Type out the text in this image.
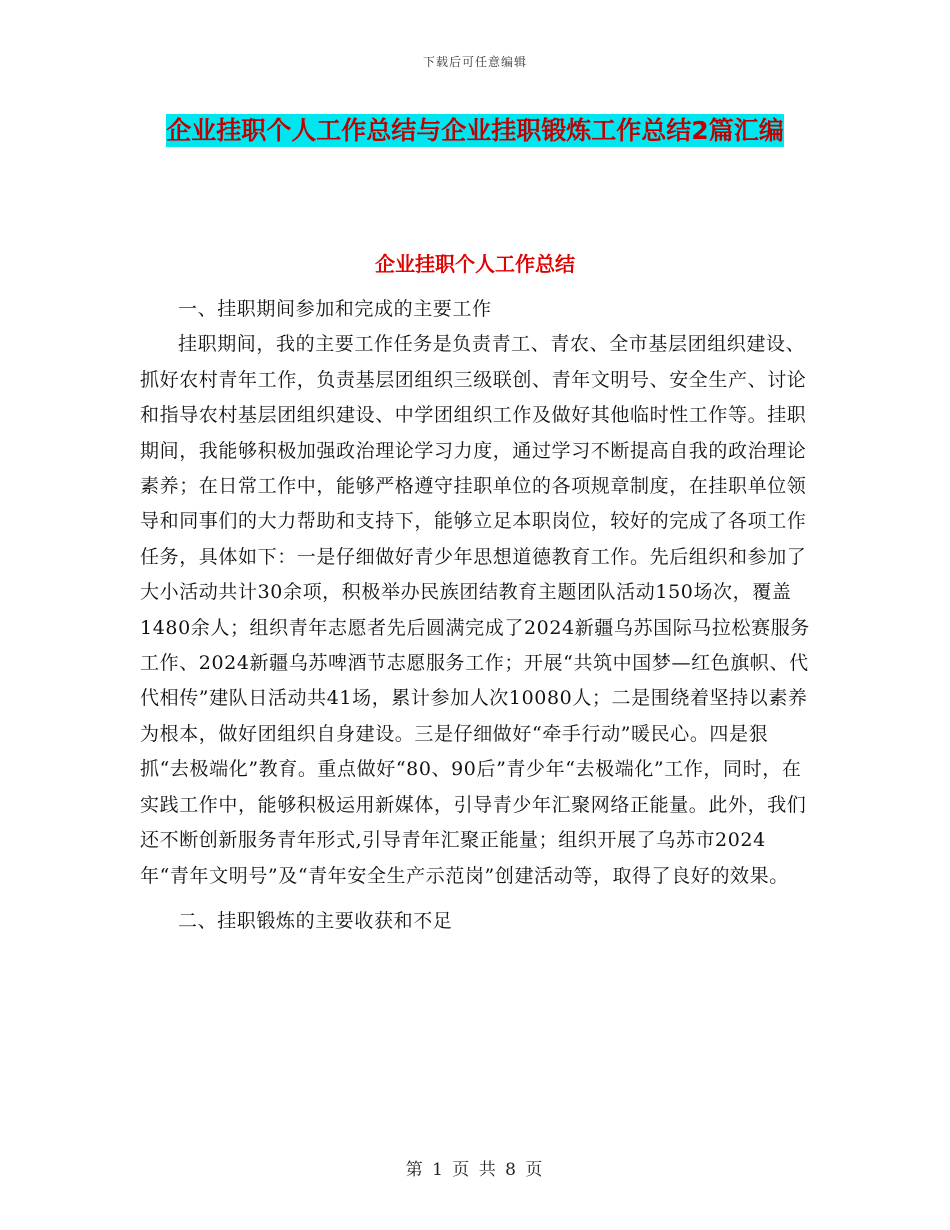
下载后可任意编辑
企业挂职个人工作总结与企业挂职锻炼工作总结2篇汇编
企业挂职个人工作总结

一、挂职期间参加和完成的主要工作

挂职期间，我的主要工作任务是负责青工、青农、全市基层团组织建设、抓好农村青年工作，负责基层团组织三级联创、青年文明号、安全生产、讨论和指导农村基层团组织建设、中学团组织工作及做好其他临时性工作等。挂职期间，我能够积极加强政治理论学习力度，通过学习不断提高自我的政治理论素养；在日常工作中，能够严格遵守挂职单位的各项规章制度，在挂职单位领导和同事们的大力帮助和支持下，能够立足本职岗位，较好的完成了各项工作任务，具体如下：一是仔细做好青少年思想道德教育工作。先后组织和参加了大小活动共计30余项，积极举办民族团结教育主题团队活动150场次，覆盖1480余人；组织青年志愿者先后圆满完成了2024新疆乌苏国际马拉松赛服务工作、2024新疆乌苏啤酒节志愿服务工作；开展“共筑中国梦—红色旗帜、代代相传”建队日活动共41场，累计参加人次10080人；二是围绕着坚持以素养为根本，做好团组织自身建设。三是仔细做好“牵手行动”暖民心。四是狠抓“去极端化”教育。重点做好“80、90后”青少年“去极端化”工作，同时，在实践工作中，能够积极运用新媒体，引导青少年汇聚网络正能量。此外，我们还不断创新服务青年形式,引导青年汇聚正能量；组织开展了乌苏市2024年“青年文明号”及“青年安全生产示范岗”创建活动等，取得了良好的效果。

二、挂职锻炼的主要收获和不足

第 1 页 共 8 页
